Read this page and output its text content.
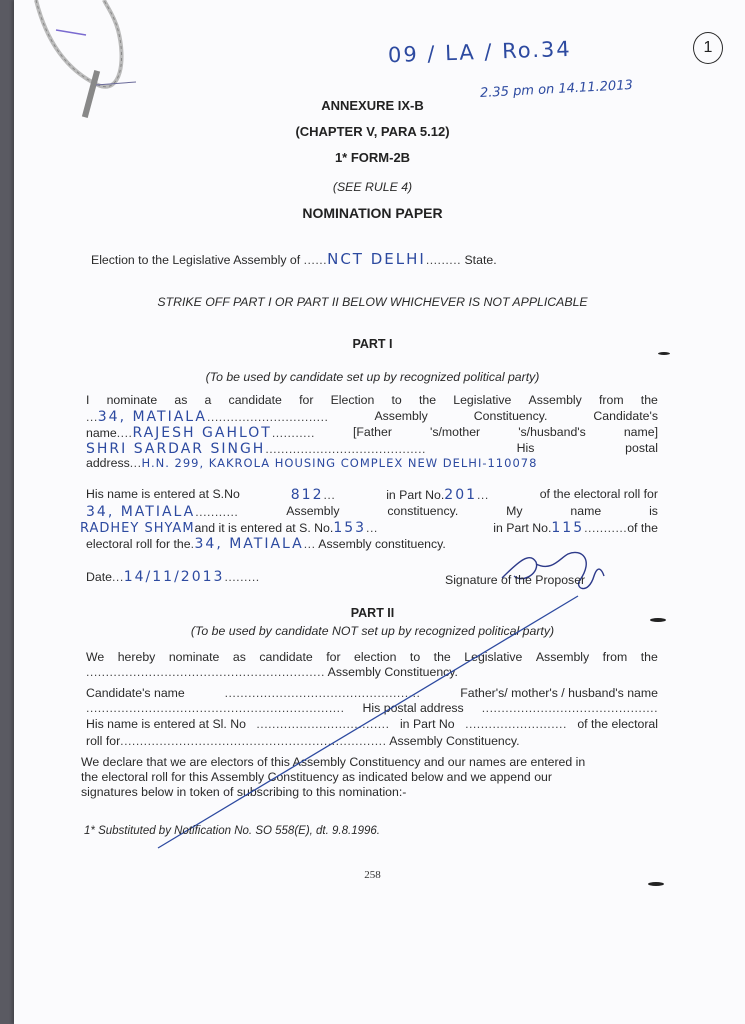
09 / LA / Ro.34
2.35 pm on 14.11.2013
1
ANNEXURE IX-B
(CHAPTER V, PARA 5.12)
1* FORM-2B
(SEE RULE 4)
NOMINATION PAPER
Election to the Legislative Assembly of ......NCT DELHI......... State.
STRIKE OFF PART I OR PART II BELOW WHICHEVER IS NOT APPLICABLE
PART I
(To be used by candidate set up by recognized political party)
I nominate as a candidate for Election to the Legislative Assembly from the
...34, MATIALA...............................	Assembly	Constituency.	Candidate's
name....RAJESH GAHLOT...........	[Father	's/mother	's/husband's	name]
SHRI SARDAR SINGH.........................................	His	postal
address...H.N. 299, KAKROLA HOUSING COMPLEX NEW DELHI-110078
His name is entered at S.No	812...	in Part No.201...	of the electoral roll for
34, MATIALA...........	Assembly	constituency.	My	name	is
RADHEY SHYAMand it is entered at S. No.153...	in Part No.115...........of the
electoral roll for the.34, MATIALA... Assembly constituency.
Date...14/11/2013.........	Signature of the Proposer
PART II
(To be used by candidate NOT set up by recognized political party)
We hereby nominate as candidate for election to the Legislative Assembly from the
............................................................. Assembly Constituency.
Candidate's name	..................................................	Father's/ mother's / husband's name
.................................................................. His postal address .............................................
His name is entered at Sl. No .................................. in Part No .......................... of the electoral
roll for.................................................................... Assembly Constituency.
We declare that we are electors of this Assembly Constituency and our names are entered in
the electoral roll for this Assembly Constituency as indicated below and we append our
signatures below in token of subscribing to this nomination:-
1* Substituted by Notification No. SO 558(E), dt. 9.8.1996.
258
